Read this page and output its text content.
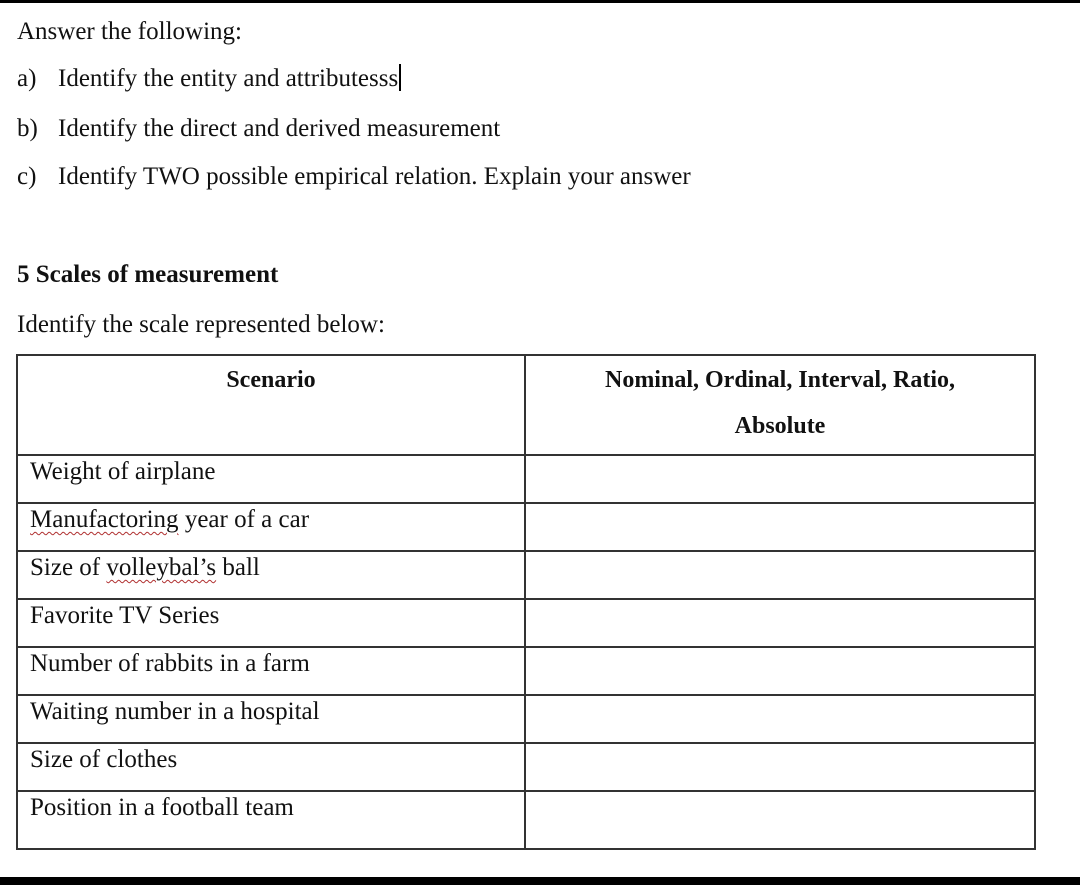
Answer the following:
a) Identify the entity and attributesss
b) Identify the direct and derived measurement
c) Identify TWO possible empirical relation. Explain your answer
5 Scales of measurement
Identify the scale represented below:
Scenario	Nominal, Ordinal, Interval, Ratio,
Absolute

Weight of airplane	

Manufactoring year of a car	

Size of volleybal’s ball	

Favorite TV Series	

Number of rabbits in a farm	

Waiting number in a hospital	

Size of clothes	

Position in a football team	
